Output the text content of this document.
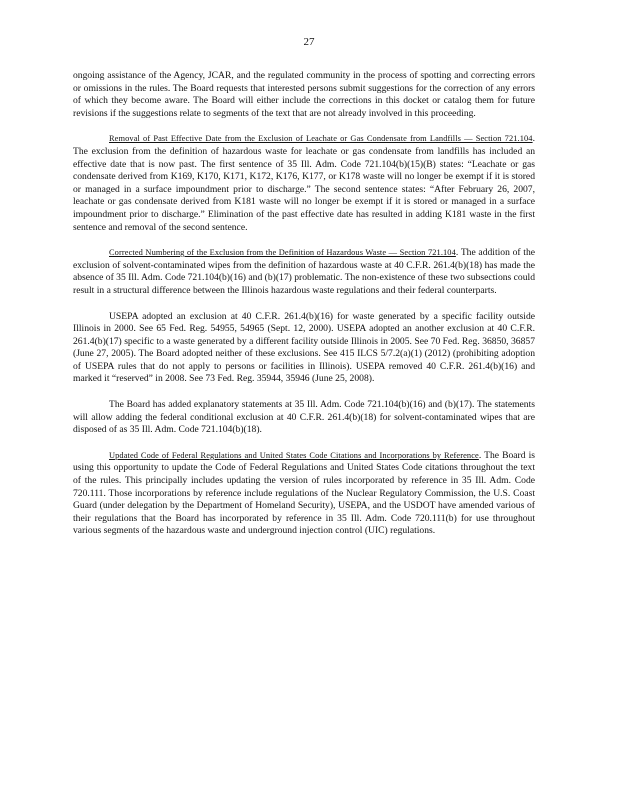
27

ongoing assistance of the Agency, JCAR, and the regulated community in the process of spotting and correcting errors or omissions in the rules. The Board requests that interested persons submit suggestions for the correction of any errors of which they become aware. The Board will either include the corrections in this docket or catalog them for future revisions if the suggestions relate to segments of the text that are not already involved in this proceeding.

Removal of Past Effective Date from the Exclusion of Leachate or Gas Condensate from Landfills — Section 721.104. The exclusion from the definition of hazardous waste for leachate or gas condensate from landfills has included an effective date that is now past. The first sentence of 35 Ill. Adm. Code 721.104(b)(15)(B) states: “Leachate or gas condensate derived from K169, K170, K171, K172, K176, K177, or K178 waste will no longer be exempt if it is stored or managed in a surface impoundment prior to discharge.” The second sentence states: “After February 26, 2007, leachate or gas condensate derived from K181 waste will no longer be exempt if it is stored or managed in a surface impoundment prior to discharge.” Elimination of the past effective date has resulted in adding K181 waste in the first sentence and removal of the second sentence.

Corrected Numbering of the Exclusion from the Definition of Hazardous Waste — Section 721.104. The addition of the exclusion of solvent-contaminated wipes from the definition of hazardous waste at 40 C.F.R. 261.4(b)(18) has made the absence of 35 Ill. Adm. Code 721.104(b)(16) and (b)(17) problematic. The non-existence of these two subsections could result in a structural difference between the Illinois hazardous waste regulations and their federal counterparts.

USEPA adopted an exclusion at 40 C.F.R. 261.4(b)(16) for waste generated by a specific facility outside Illinois in 2000. See 65 Fed. Reg. 54955, 54965 (Sept. 12, 2000). USEPA adopted an another exclusion at 40 C.F.R. 261.4(b)(17) specific to a waste generated by a different facility outside Illinois in 2005. See 70 Fed. Reg. 36850, 36857 (June 27, 2005). The Board adopted neither of these exclusions. See 415 ILCS 5/7.2(a)(1) (2012) (prohibiting adoption of USEPA rules that do not apply to persons or facilities in Illinois). USEPA removed 40 C.F.R. 261.4(b)(16) and marked it “reserved” in 2008. See 73 Fed. Reg. 35944, 35946 (June 25, 2008).

The Board has added explanatory statements at 35 Ill. Adm. Code 721.104(b)(16) and (b)(17). The statements will allow adding the federal conditional exclusion at 40 C.F.R. 261.4(b)(18) for solvent-contaminated wipes that are disposed of as 35 Ill. Adm. Code 721.104(b)(18).

Updated Code of Federal Regulations and United States Code Citations and Incorporations by Reference. The Board is using this opportunity to update the Code of Federal Regulations and United States Code citations throughout the text of the rules. This principally includes updating the version of rules incorporated by reference in 35 Ill. Adm. Code 720.111. Those incorporations by reference include regulations of the Nuclear Regulatory Commission, the U.S. Coast Guard (under delegation by the Department of Homeland Security), USEPA, and the USDOT have amended various of their regulations that the Board has incorporated by reference in 35 Ill. Adm. Code 720.111(b) for use throughout various segments of the hazardous waste and underground injection control (UIC) regulations.
